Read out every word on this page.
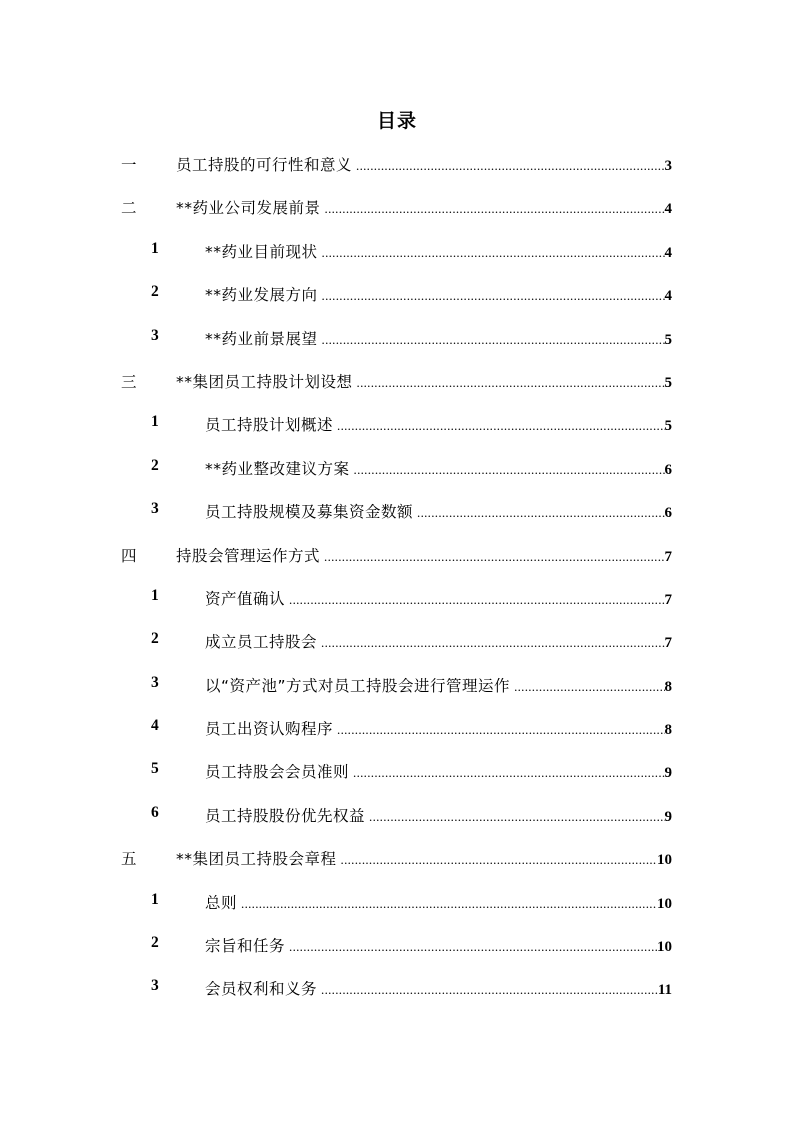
目录
一	员工持股的可行性和意义 .....	3
二	**药业公司发展前景 .....	4
1	**药业目前现状 .....	4
2	**药业发展方向 .....	4
3	**药业前景展望 .....	5
三	**集团员工持股计划设想 .....	5
1	员工持股计划概述 .....	5
2	**药业整改建议方案 .....	6
3	员工持股规模及募集资金数额 .....	6
四	持股会管理运作方式 .....	7
1	资产值确认 .....	7
2	成立员工持股会 .....	7
3	以“资产池”方式对员工持股会进行管理运作 .....	8
4	员工出资认购程序 .....	8
5	员工持股会会员准则 .....	9
6	员工持股股份优先权益 .....	9
五	**集团员工持股会章程 .....	10
1	总则 .....	10
2	宗旨和任务 .....	10
3	会员权利和义务 .....	11
